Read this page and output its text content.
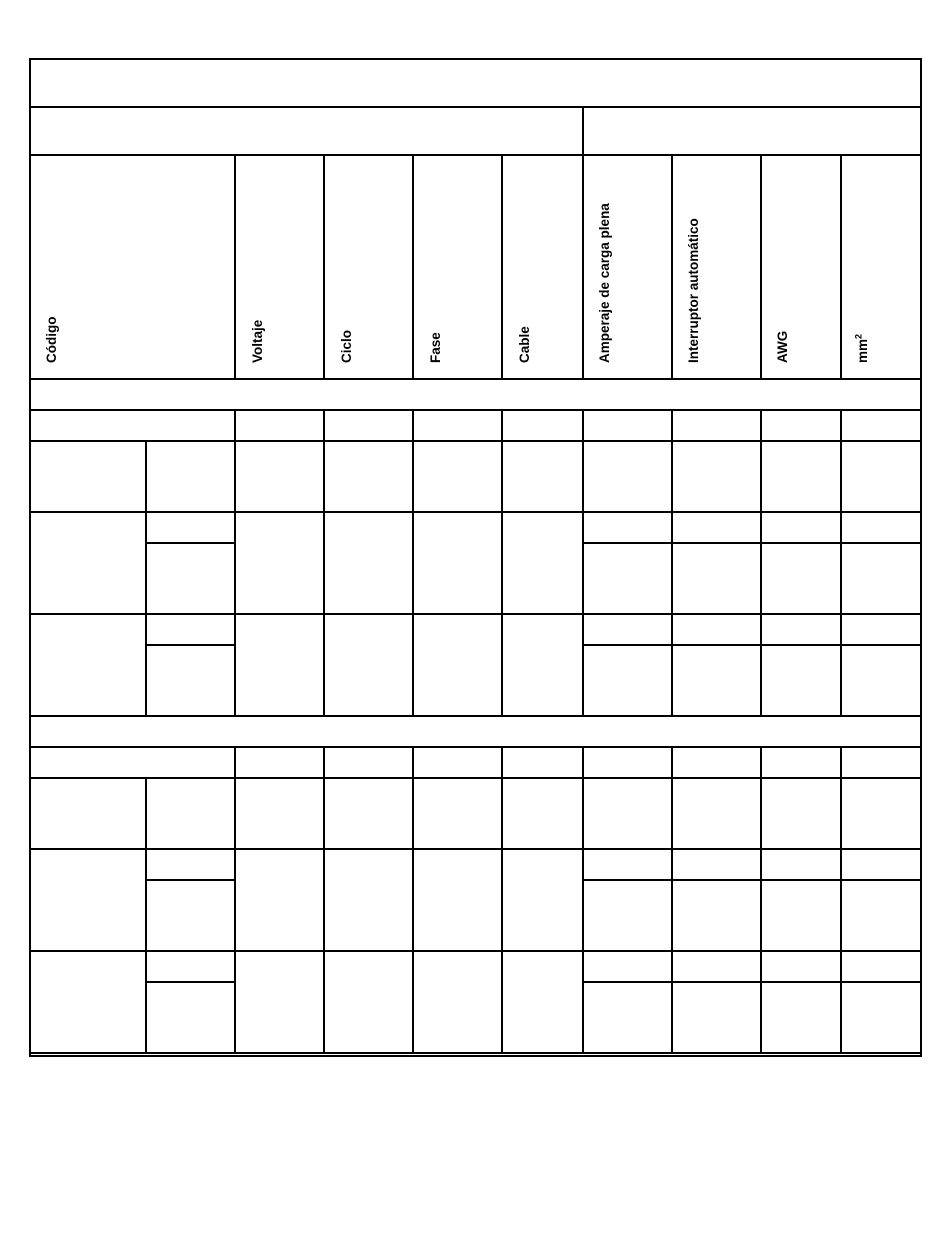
Código	Voltaje	Ciclo	Fase	Cable	Amperaje de carga plena	Interruptor automático	AWG	$mm^2$
